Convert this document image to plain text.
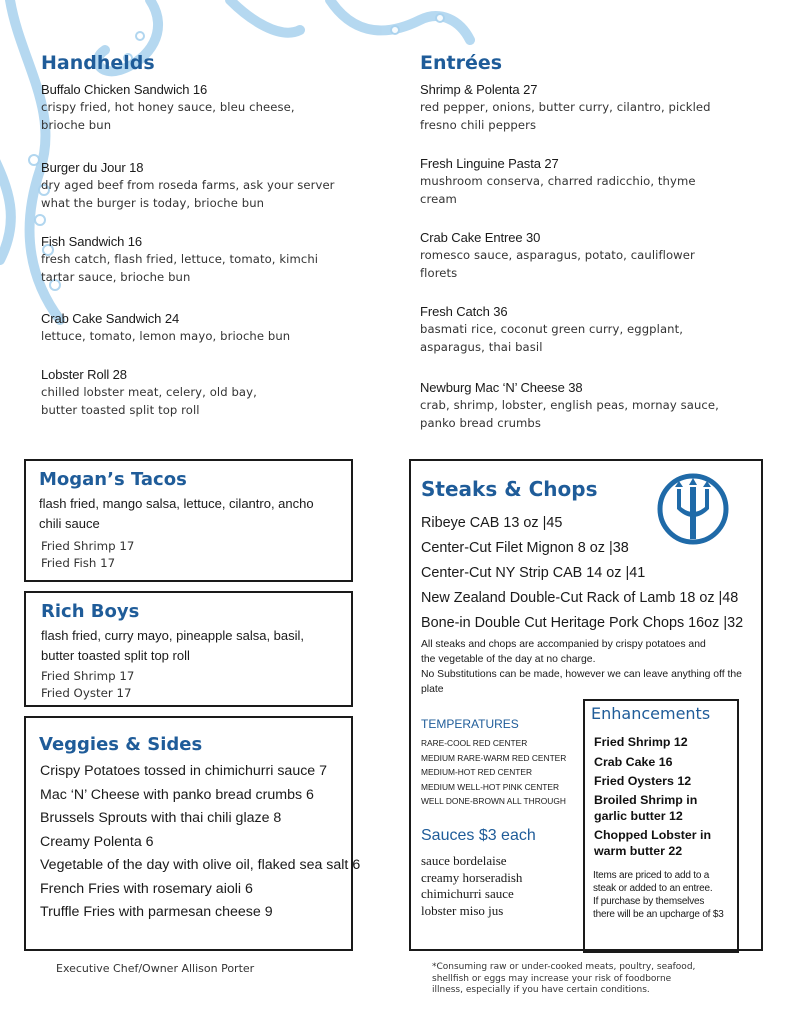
Handhelds
Buffalo Chicken Sandwich 16
crispy fried, hot honey sauce, bleu cheese,
brioche bun
Burger du Jour 18
dry aged beef from roseda farms, ask your server
what the burger is today, brioche bun
Fish Sandwich 16
fresh catch, flash fried, lettuce, tomato, kimchi
tartar sauce, brioche bun
Crab Cake Sandwich 24
lettuce, tomato, lemon mayo, brioche bun
Lobster Roll 28
chilled lobster meat, celery, old bay,
butter toasted split top roll
Entrées
Shrimp & Polenta 27
red pepper, onions, butter curry, cilantro, pickled
fresno chili peppers
Fresh Linguine Pasta 27
mushroom conserva, charred radicchio, thyme
cream
Crab Cake Entree 30
romesco sauce, asparagus, potato, cauliflower
florets
Fresh Catch 36
basmati rice, coconut green curry, eggplant,
asparagus, thai basil
Newburg Mac ‘N’ Cheese 38
crab, shrimp, lobster, english peas, mornay sauce,
panko bread crumbs
Mogan’s Tacos
flash fried, mango salsa, lettuce, cilantro, ancho
chili sauce
Fried Shrimp 17
Fried Fish 17
Rich Boys
flash fried, curry mayo, pineapple salsa, basil,
butter toasted split top roll
Fried Shrimp 17
Fried Oyster 17
Veggies & Sides
Crispy Potatoes tossed in chimichurri sauce 7
Mac ‘N’ Cheese with panko bread crumbs 6
Brussels Sprouts with thai chili glaze 8
Creamy Polenta 6
Vegetable of the day with olive oil, flaked sea salt 6
French Fries with rosemary aioli 6
Truffle Fries with parmesan cheese 9
Steaks & Chops
Ribeye CAB 13 oz |45
Center-Cut Filet Mignon 8 oz |38
Center-Cut NY Strip CAB 14 oz |41
New Zealand Double-Cut Rack of Lamb 18 oz |48
Bone-in Double Cut Heritage Pork Chops 16oz |32
All steaks and chops are accompanied by crispy potatoes and
the vegetable of the day at no charge.
No Substitutions can be made, however we can leave anything off the plate
TEMPERATURES
RARE-COOL RED CENTER
MEDIUM RARE-WARM RED CENTER
MEDIUM-HOT RED CENTER
MEDIUM WELL-HOT PINK CENTER
WELL DONE-BROWN ALL THROUGH
Sauces $3 each
sauce bordelaise
creamy horseradish
chimichurri sauce
lobster miso jus
Enhancements
Fried Shrimp 12
Crab Cake 16
Fried Oysters 12
Broiled Shrimp in
garlic butter 12
Chopped Lobster in
warm butter 22
Items are priced to add to a
steak or added to an entree.
If purchase by themselves
there will be an upcharge of $3
Executive Chef/Owner Allison Porter	*Consuming raw or under-cooked meats, poultry, seafood,
shellfish or eggs may increase your risk of foodborne
illness, especially if you have certain conditions.
